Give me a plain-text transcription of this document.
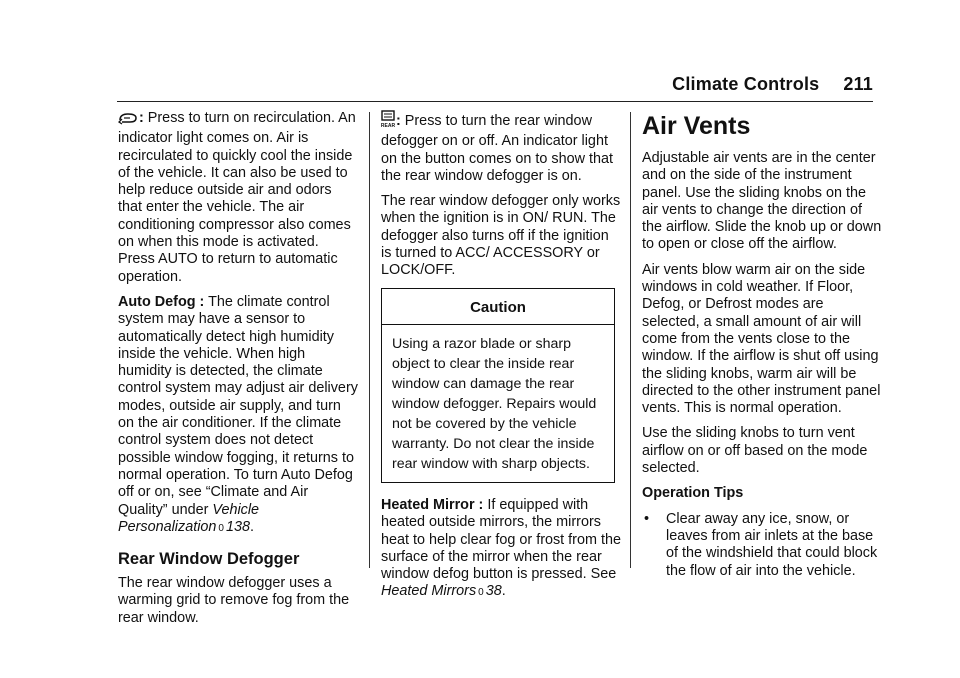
Climate Controls 211

: Press to turn on recirculation. An indicator light comes on. Air is recirculated to quickly cool the inside of the vehicle. It can also be used to help reduce outside air and odors that enter the vehicle. The air conditioning compressor also comes on when this mode is activated. Press AUTO to return to automatic operation.

Auto Defog : The climate control system may have a sensor to automatically detect high humidity inside the vehicle. When high humidity is detected, the climate control system may adjust air delivery modes, outside air supply, and turn on the air conditioner. If the climate control system does not detect possible window fogging, it returns to normal operation. To turn Auto Defog off or on, see “Climate and Air Quality” under Vehicle Personalization 0 138.

Rear Window Defogger

The rear window defogger uses a warming grid to remove fog from the rear window.

REAR : Press to turn the rear window defogger on or off. An indicator light on the button comes on to show that the rear window defogger is on.

The rear window defogger only works when the ignition is in ON/ RUN. The defogger also turns off if the ignition is turned to ACC/ ACCESSORY or LOCK/OFF.

Caution
Using a razor blade or sharp object to clear the inside rear window can damage the rear window defogger. Repairs would not be covered by the vehicle warranty. Do not clear the inside rear window with sharp objects.

Heated Mirror : If equipped with heated outside mirrors, the mirrors heat to help clear fog or frost from the surface of the mirror when the rear window defog button is pressed. See Heated Mirrors 0 38.

Air Vents

Adjustable air vents are in the center and on the side of the instrument panel. Use the sliding knobs on the air vents to change the direction of the airflow. Slide the knob up or down to open or close off the airflow.

Air vents blow warm air on the side windows in cold weather. If Floor, Defog, or Defrost modes are selected, a small amount of air will come from the vents close to the window. If the airflow is shut off using the sliding knobs, warm air will be directed to the other instrument panel vents. This is normal operation.

Use the sliding knobs to turn vent airflow on or off based on the mode selected.

Operation Tips

•	Clear away any ice, snow, or leaves from air inlets at the base of the windshield that could block the flow of air into the vehicle.
